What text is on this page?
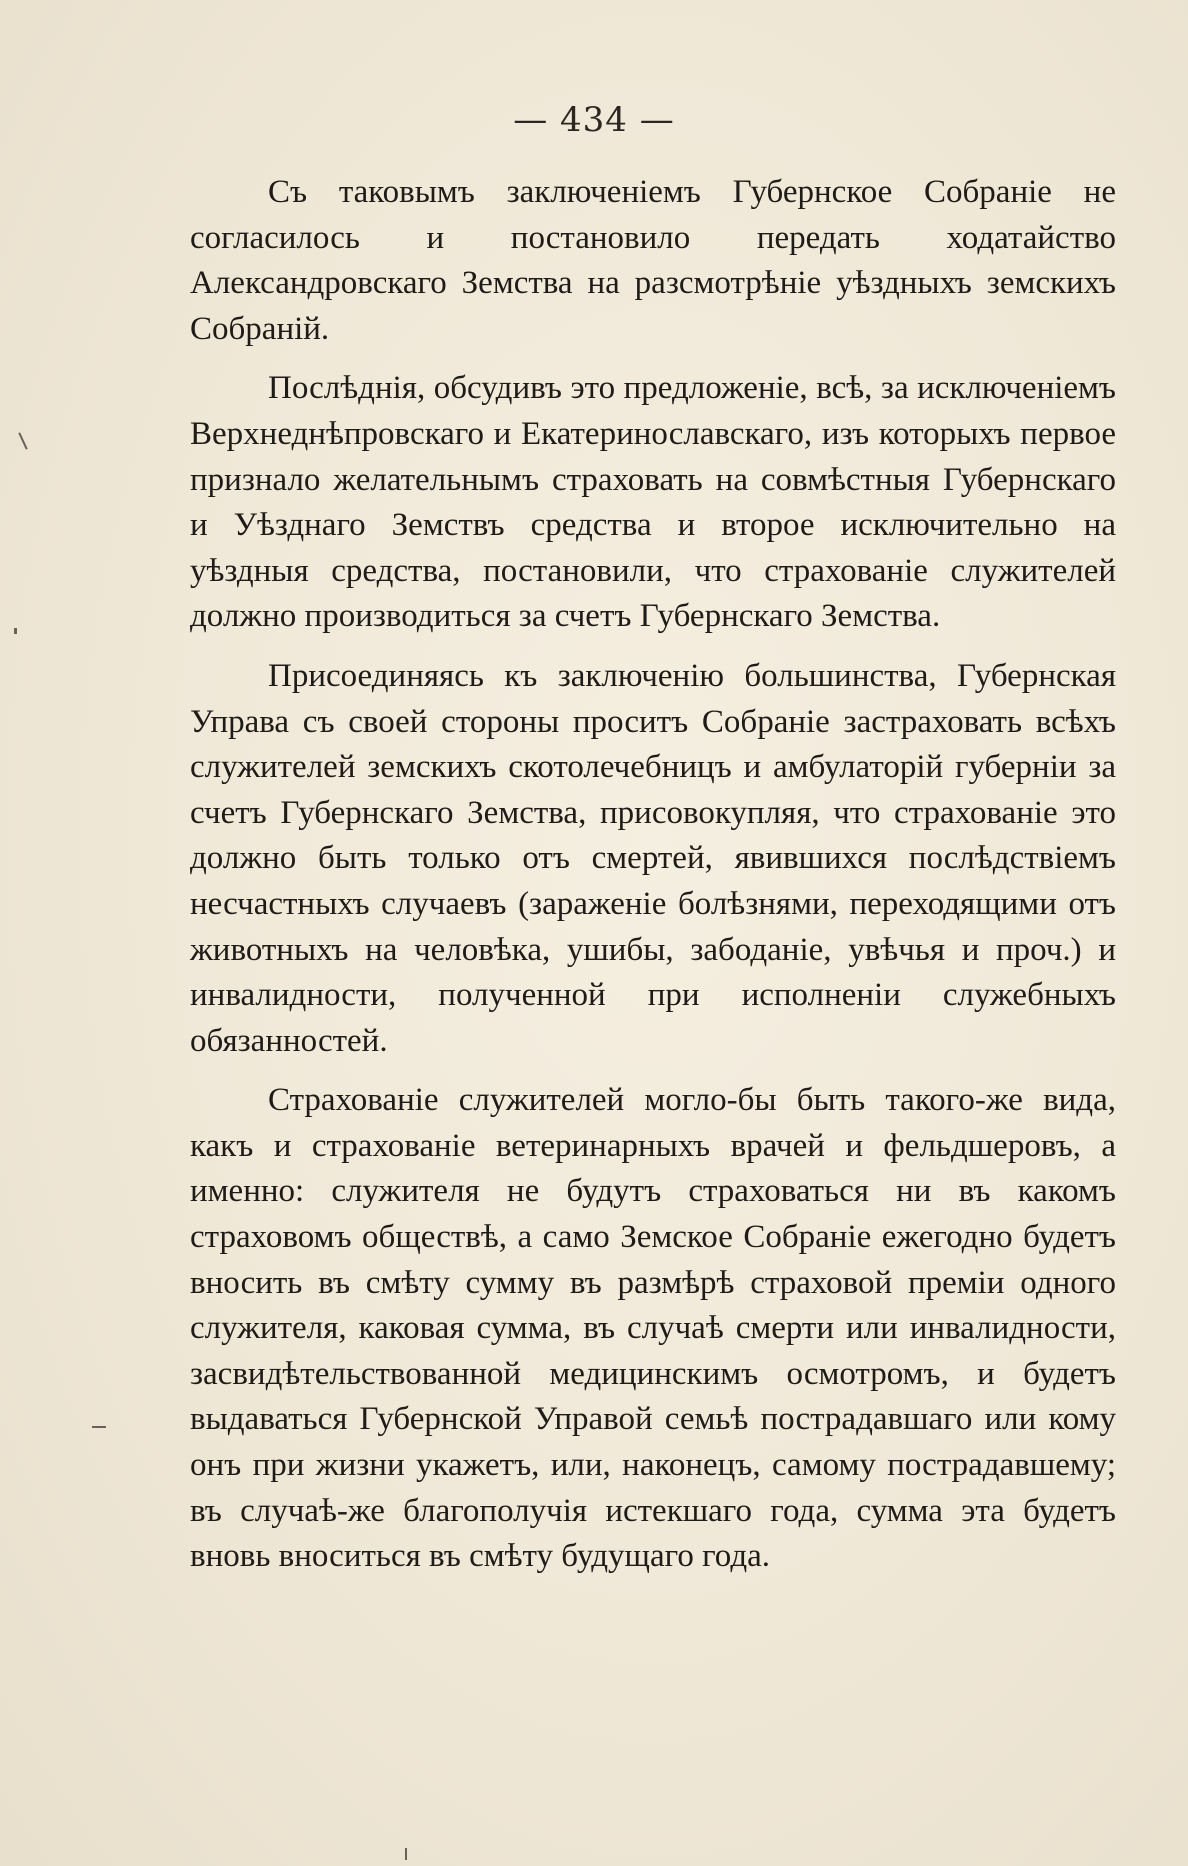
— 434 —

Съ таковымъ заключеніемъ Губернское Собраніе не согласилось и постановило передать ходатайство Александровскаго Земства на разсмотрѣніе уѣздныхъ земскихъ Собраній.

Послѣднія, обсудивъ это предложеніе, всѣ, за исключеніемъ Верхнеднѣпровскаго и Екатеринославскаго, изъ которыхъ первое признало желательнымъ страховать на совмѣстныя Губернскаго и Уѣзднаго Земствъ средства и второе исключительно на уѣздныя средства, постановили, что страхованіе служителей должно производиться за счетъ Губернскаго Земства.

Присоединяясь къ заключенію большинства, Губернская Управа съ своей стороны проситъ Собраніе застраховать всѣхъ служителей земскихъ скотолечебницъ и амбулаторій губерніи за счетъ Губернскаго Земства, присовокупляя, что страхованіе это должно быть только отъ смертей, явившихся послѣдствіемъ несчастныхъ случаевъ (зараженіе болѣзнями, переходящими отъ животныхъ на человѣка, ушибы, забоданіе, увѣчья и проч.) и инвалидности, полученной при исполненіи служебныхъ обязанностей.

Страхованіе служителей могло-бы быть такого-же вида, какъ и страхованіе ветеринарныхъ врачей и фельдшеровъ, а именно: служителя не будутъ страховаться ни въ какомъ страховомъ обществѣ, а само Земское Собраніе ежегодно будетъ вносить въ смѣту сумму въ размѣрѣ страховой преміи одного служителя, каковая сумма, въ случаѣ смерти или инвалидности, засвидѣтельствованной медицинскимъ осмотромъ, и будетъ выдаваться Губернской Управой семьѣ пострадавшаго или кому онъ при жизни укажетъ, или, наконецъ, самому пострадавшему; въ случаѣ-же благополучія истекшаго года, сумма эта будетъ вновь вноситься въ смѣту будущаго года.
